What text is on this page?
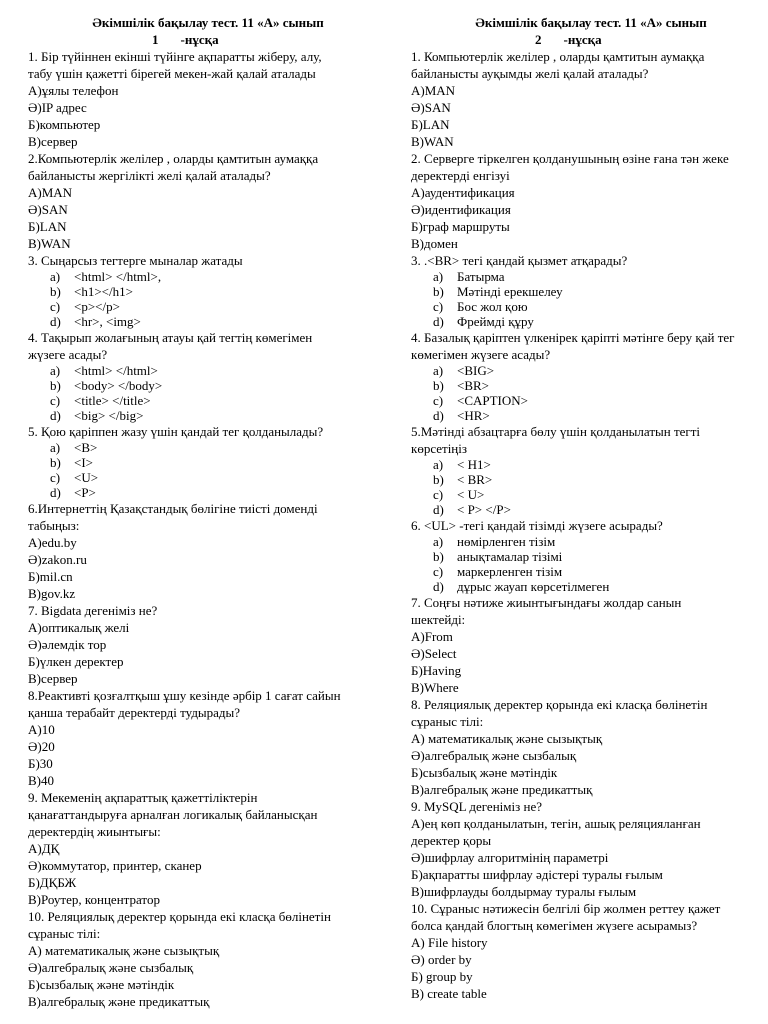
Әкімшілік бақылау тест. 11 «А» сынып
1 -нұсқа
1. Бір түйіннен екінші түйінге ақпаратты жіберу, алу,
табу үшін қажетті бірегей мекен-жай қалай аталады
А)ұялы телефон
Ә)IP адрес
Б)компьютер
В)сервер
2.Компьютерлік желілер , оларды қамтитын аумаққа
байланысты жергілікті желі қалай аталады?
А)MAN
Ә)SAN
Б)LAN
В)WAN
3. Сыңарсыз тегтерге мыналар жатады
a)	<html> </html>,
b)	<h1></h1>
c)	<p></p>
d)	<hr>, <img>
4. Тақырып жолағының атауы қай тегтің көмегімен
жүзеге асады?
a)	<html> </html>
b)	<body> </body>
c)	<title> </title>
d)	<big> </big>
5. Қою қаріппен жазу үшін қандай тег қолданылады?
a)	<B>
b)	<I>
c)	<U>
d)	<P>
6.Интернеттің Қазақстандық бөлігіне тиісті доменді
табыңыз:
А)edu.by
Ә)zakon.ru
Б)mil.cn
В)gov.kz
7. Bigdata дегеніміз не?
А)оптикалық желі
Ә)әлемдік тор
Б)үлкен деректер
В)сервер
8.Реактивті қозғалтқыш ұшу кезінде әрбір 1 сағат сайын
қанша терабайт деректерді тудырады?
А)10
Ә)20
Б)30
В)40
9. Мекеменің ақпараттық қажеттіліктерін
қанағаттандыруға арналған логикалық байланысқан
деректердің жиынтығы:
А)ДҚ
Ә)коммутатор, принтер, сканер
Б)ДҚБЖ
В)Роутер, концентратор
10. Реляциялық деректер қорында екі класқа бөлінетін
сұраныс тілі:
А) математикалық және сызықтық
Ә)алгебралық және сызбалық
Б)сызбалық және мәтіндік
В)алгебралық және предикаттық
Әкімшілік бақылау тест. 11 «А» сынып
2 -нұсқа
1. Компьютерлік желілер , оларды қамтитын аумаққа
байланысты ауқымды желі қалай аталады?
А)MAN
Ә)SAN
Б)LAN
В)WAN
2. Серверге тіркелген қолданушының өзіне ғана тән жеке
деректерді енгізуі
А)аудентификация
Ә)идентификация
Б)граф маршруты
В)домен
3. .<BR> тегі қандай қызмет атқарады?
a)	Батырма
b)	Мәтінді ерекшелеу
c)	Бос жол қою
d)	Фреймді құру
4. Базалық қаріптен үлкенірек қаріпті мәтінге беру қай тег
көмегімен жүзеге асады?
a)	<BIG>
b)	<BR>
c)	<CAPTION>
d)	<HR>
5.Мәтінді абзацтарға бөлу үшін қолданылатын тегті
көрсетіңіз
a)	< H1>
b)	< BR>
c)	< U>
d)	< P> </P>
6. <UL> -тегі қандай тізімді жүзеге асырады?
a)	нөмірленген тізім
b)	анықтамалар тізімі
c)	маркерленген тізім
d)	дұрыс жауап көрсетілмеген
7. Соңғы нәтиже жиынтығындағы жолдар санын
шектейді:
А)From
Ә)Select
Б)Having
В)Where
8. Реляциялық деректер қорында екі класқа бөлінетін
сұраныс тілі:
А) математикалық және сызықтық
Ә)алгебралық және сызбалық
Б)сызбалық және мәтіндік
В)алгебралық және предикаттық
9. MySQL дегеніміз не?
А)ең көп қолданылатын, тегін, ашық реляцияланған
деректер қоры
Ә)шифрлау алгоритмінің параметрі
Б)ақпаратты шифрлау әдістері туралы ғылым
В)шифрлауды болдырмау туралы ғылым
10. Сұраныс нәтижесін белгілі бір жолмен реттеу қажет
болса қандай блогтың көмегімен жүзеге асырамыз?
А) File history
Ә) order by
Б) group by
В) create table
